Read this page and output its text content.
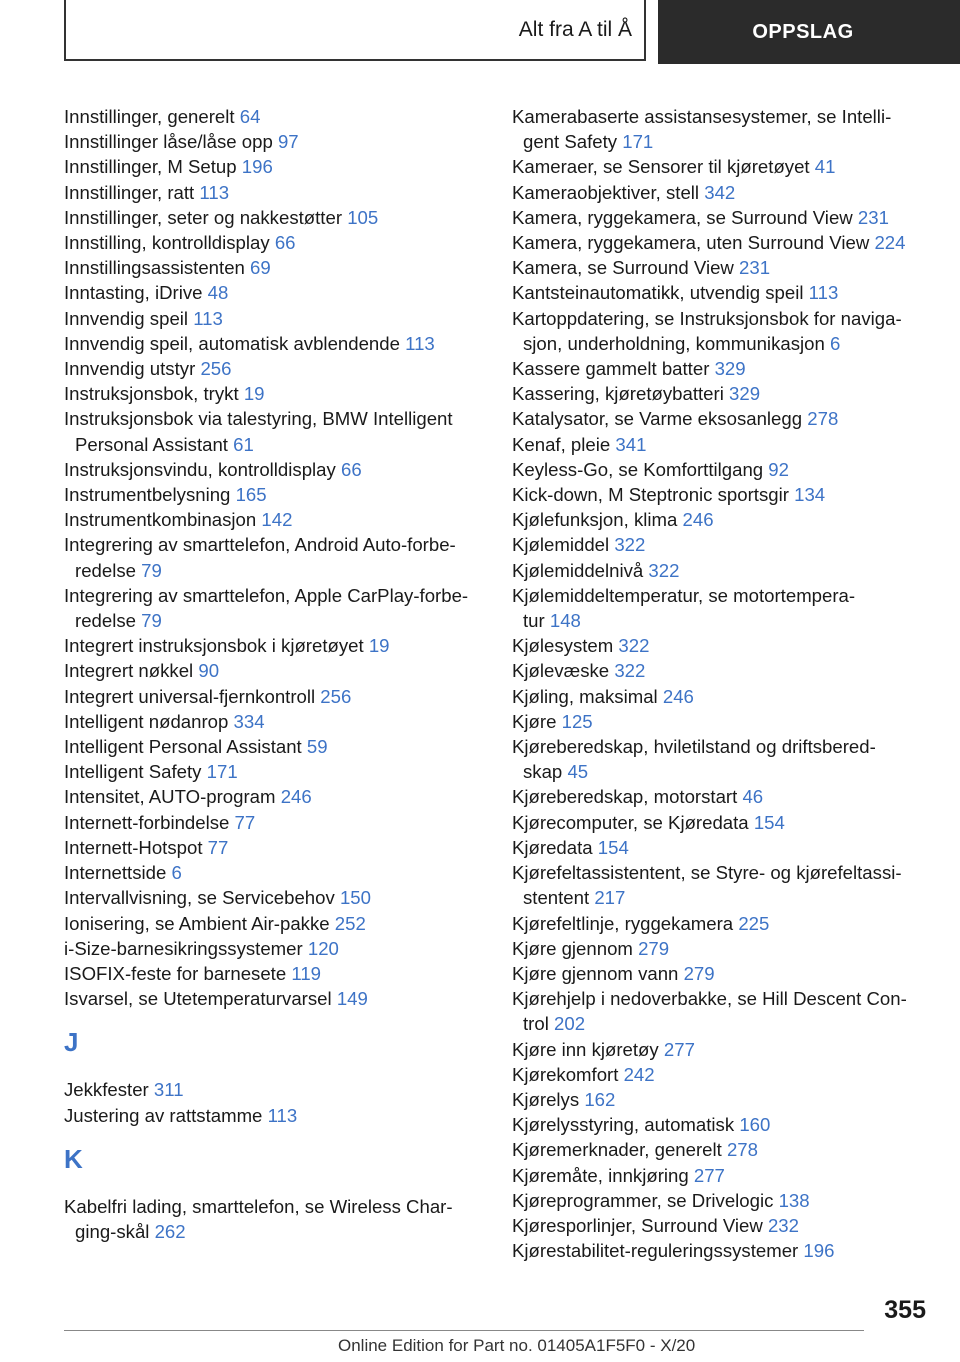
Alt fra A til Å	OPPSLAG
Innstillinger, generelt 64
Innstillinger låse/låse opp 97
Innstillinger, M Setup 196
Innstillinger, ratt 113
Innstillinger, seter og nakkestøtter 105
Innstilling, kontrolldisplay 66
Innstillingsassistenten 69
Inntasting, iDrive 48
Innvendig speil 113
Innvendig speil, automatisk avblendende 113
Innvendig utstyr 256
Instruksjonsbok, trykt 19
Instruksjonsbok via talestyring, BMW Intelligent
Personal Assistant 61
Instruksjonsvindu, kontrolldisplay 66
Instrumentbelysning 165
Instrumentkombinasjon 142
Integrering av smarttelefon, Android Auto-forbe-
redelse 79
Integrering av smarttelefon, Apple CarPlay-forbe-
redelse 79
Integrert instruksjonsbok i kjøretøyet 19
Integrert nøkkel 90
Integrert universal-fjernkontroll 256
Intelligent nødanrop 334
Intelligent Personal Assistant 59
Intelligent Safety 171
Intensitet, AUTO-program 246
Internett-forbindelse 77
Internett-Hotspot 77
Internettside 6
Intervallvisning, se Servicebehov 150
Ionisering, se Ambient Air-pakke 252
i-Size-barnesikringssystemer 120
ISOFIX-feste for barnesete 119
Isvarsel, se Utetemperaturvarsel 149
J
Jekkfester 311
Justering av rattstamme 113
K
Kabelfri lading, smarttelefon, se Wireless Char-
ging-skål 262
Kamerabaserte assistansesystemer, se Intelli-
gent Safety 171
Kameraer, se Sensorer til kjøretøyet 41
Kameraobjektiver, stell 342
Kamera, ryggekamera, se Surround View 231
Kamera, ryggekamera, uten Surround View 224
Kamera, se Surround View 231
Kantsteinautomatikk, utvendig speil 113
Kartoppdatering, se Instruksjonsbok for naviga-
sjon, underholdning, kommunikasjon 6
Kassere gammelt batter 329
Kassering, kjøretøybatteri 329
Katalysator, se Varme eksosanlegg 278
Kenaf, pleie 341
Keyless-Go, se Komforttilgang 92
Kick-down, M Steptronic sportsgir 134
Kjølefunksjon, klima 246
Kjølemiddel 322
Kjølemiddelnivå 322
Kjølemiddeltemperatur, se motortempera-
tur 148
Kjølesystem 322
Kjølevæske 322
Kjøling, maksimal 246
Kjøre 125
Kjøreberedskap, hviletilstand og driftsbered-
skap 45
Kjøreberedskap, motorstart 46
Kjørecomputer, se Kjøredata 154
Kjøredata 154
Kjørefeltassistentent, se Styre- og kjørefeltassi-
stentent 217
Kjørefeltlinje, ryggekamera 225
Kjøre gjennom 279
Kjøre gjennom vann 279
Kjørehjelp i nedoverbakke, se Hill Descent Con-
trol 202
Kjøre inn kjøretøy 277
Kjørekomfort 242
Kjørelys 162
Kjørelysstyring, automatisk 160
Kjøremerknader, generelt 278
Kjøremåte, innkjøring 277
Kjøreprogrammer, se Drivelogic 138
Kjøresporlinjer, Surround View 232
Kjørestabilitet-reguleringssystemer 196
355
Online Edition for Part no. 01405A1F5F0 - X/20
